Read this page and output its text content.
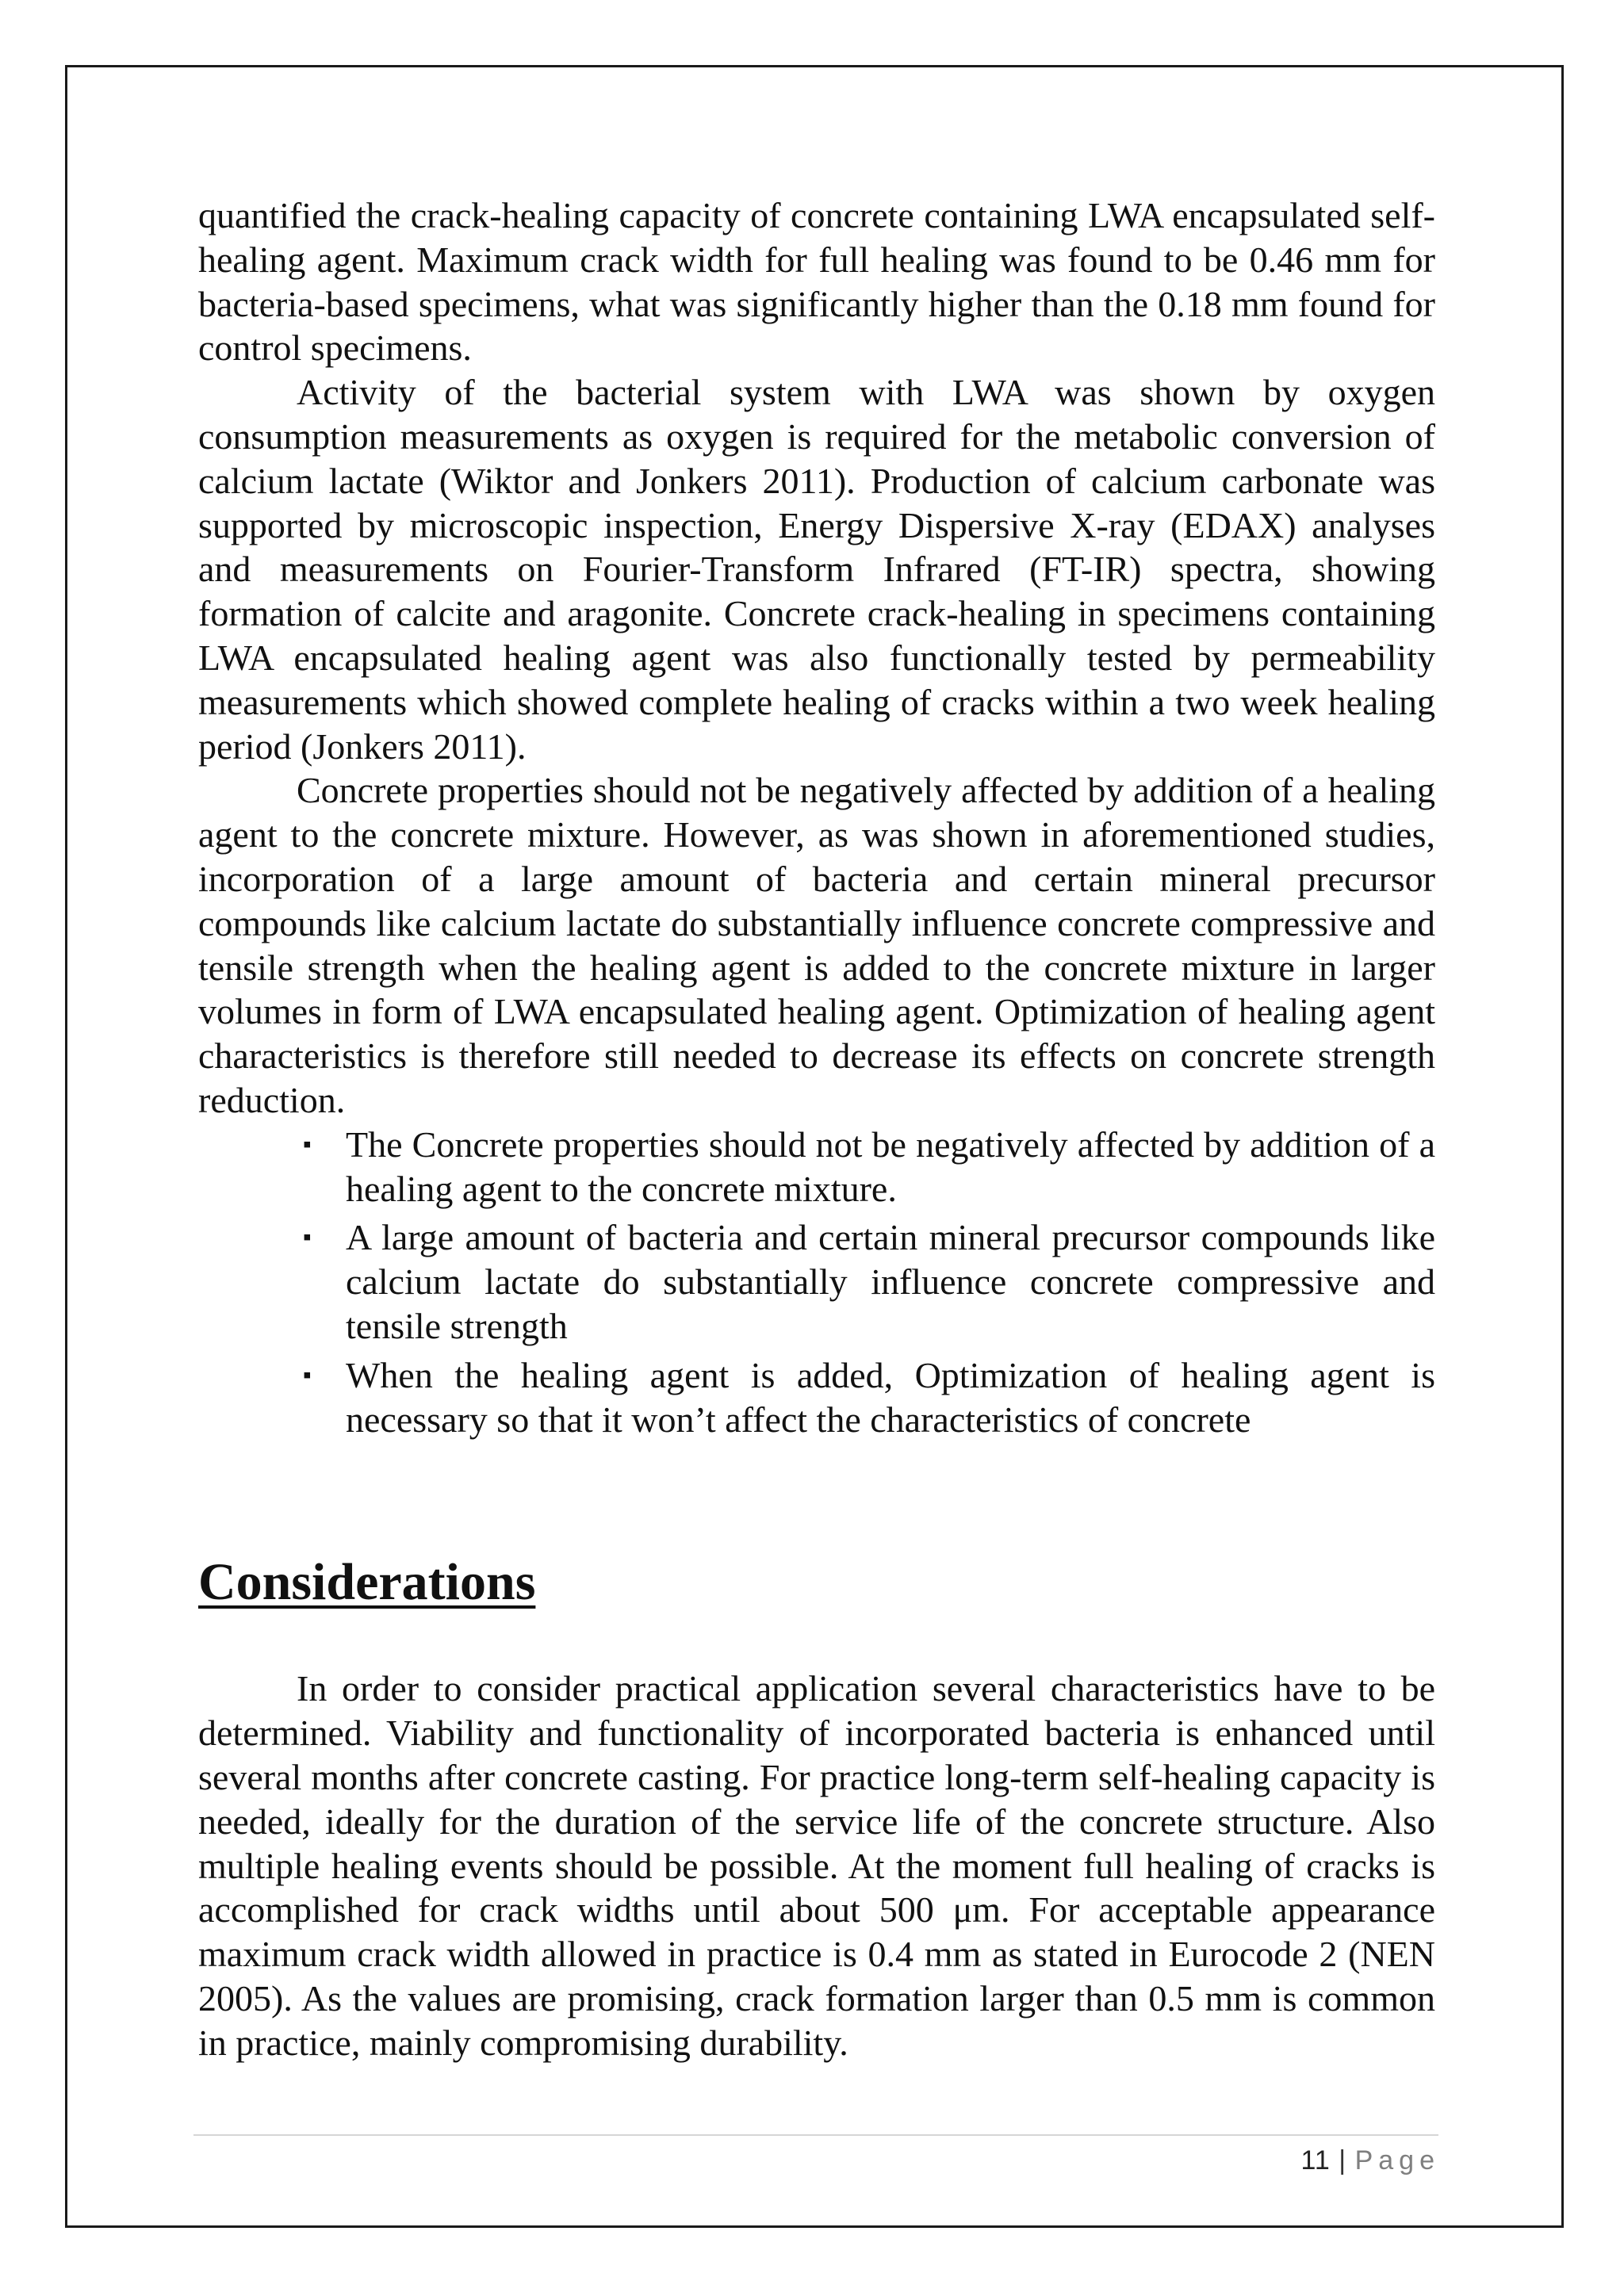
quantified the crack-healing capacity of concrete containing LWA encapsulated self-healing agent. Maximum crack width for full healing was found to be 0.46 mm for bacteria-based specimens, what was significantly higher than the 0.18 mm found for control specimens.

Activity of the bacterial system with LWA was shown by oxygen consumption measurements as oxygen is required for the metabolic conversion of calcium lactate (Wiktor and Jonkers 2011). Production of calcium carbonate was supported by microscopic inspection, Energy Dispersive X-ray (EDAX) analyses and measurements on Fourier-Transform Infrared (FT-IR) spectra, showing formation of calcite and aragonite. Concrete crack-healing in specimens containing LWA encapsulated healing agent was also functionally tested by permeability measurements which showed complete healing of cracks within a two week healing period (Jonkers 2011).

Concrete properties should not be negatively affected by addition of a healing agent to the concrete mixture. However, as was shown in aforementioned studies, incorporation of a large amount of bacteria and certain mineral precursor compounds like calcium lactate do substantially influence concrete compressive and tensile strength when the healing agent is added to the concrete mixture in larger volumes in form of LWA encapsulated healing agent. Optimization of healing agent characteristics is therefore still needed to decrease its effects on concrete strength reduction.

▪ The Concrete properties should not be negatively affected by addition of a healing agent to the concrete mixture.
▪ A large amount of bacteria and certain mineral precursor compounds like calcium lactate do substantially influence concrete compressive and tensile strength
▪ When the healing agent is added, Optimization of healing agent is necessary so that it won’t affect the characteristics of concrete
Considerations

In order to consider practical application several characteristics have to be determined. Viability and functionality of incorporated bacteria is enhanced until several months after concrete casting. For practice long-term self-healing capacity is needed, ideally for the duration of the service life of the concrete structure. Also multiple healing events should be possible. At the moment full healing of cracks is accomplished for crack widths until about 500 μm. For acceptable appearance maximum crack width allowed in practice is 0.4 mm as stated in Eurocode 2 (NEN 2005). As the values are promising, crack formation larger than 0.5 mm is common in practice, mainly compromising durability.

11 | Page
